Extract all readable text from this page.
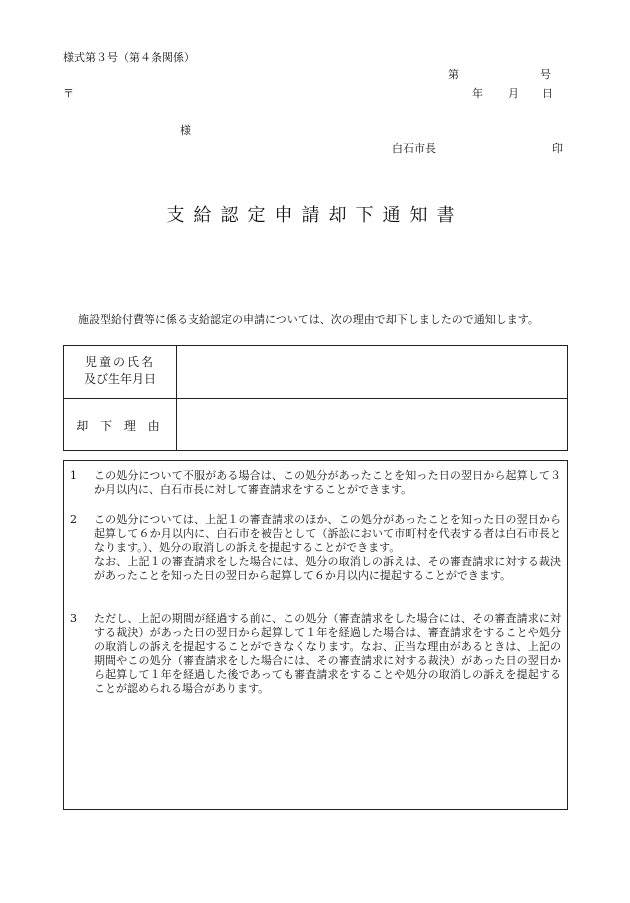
様式第３号（第４条関係）
第	号
〒	年 月 日
様
白石市長	印
支給認定申請却下通知書
施設型給付費等に係る支給認定の申請については、次の理由で却下しましたので通知します。
児童の氏名
及び生年月日
却 下 理 由
1 この処分について不服がある場合は、この処分があったことを知った日の翌日から起算して３か月以内に、白石市長に対して審査請求をすることができます。
2 この処分については、上記１の審査請求のほか、この処分があったことを知った日の翌日から起算して６か月以内に、白石市を被告として（訴訟において市町村を代表する者は白石市長となります。）、処分の取消しの訴えを提起することができます。
なお、上記１の審査請求をした場合には、処分の取消しの訴えは、その審査請求に対する裁決があったことを知った日の翌日から起算して６か月以内に提起することができます。
3 ただし、上記の期間が経過する前に、この処分（審査請求をした場合には、その審査請求に対する裁決）があった日の翌日から起算して１年を経過した場合は、審査請求をすることや処分の取消しの訴えを提起することができなくなります。なお、正当な理由があるときは、上記の期間やこの処分（審査請求をした場合には、その審査請求に対する裁決）があった日の翌日から起算して１年を経過した後であっても審査請求をすることや処分の取消しの訴えを提起することが認められる場合があります。
